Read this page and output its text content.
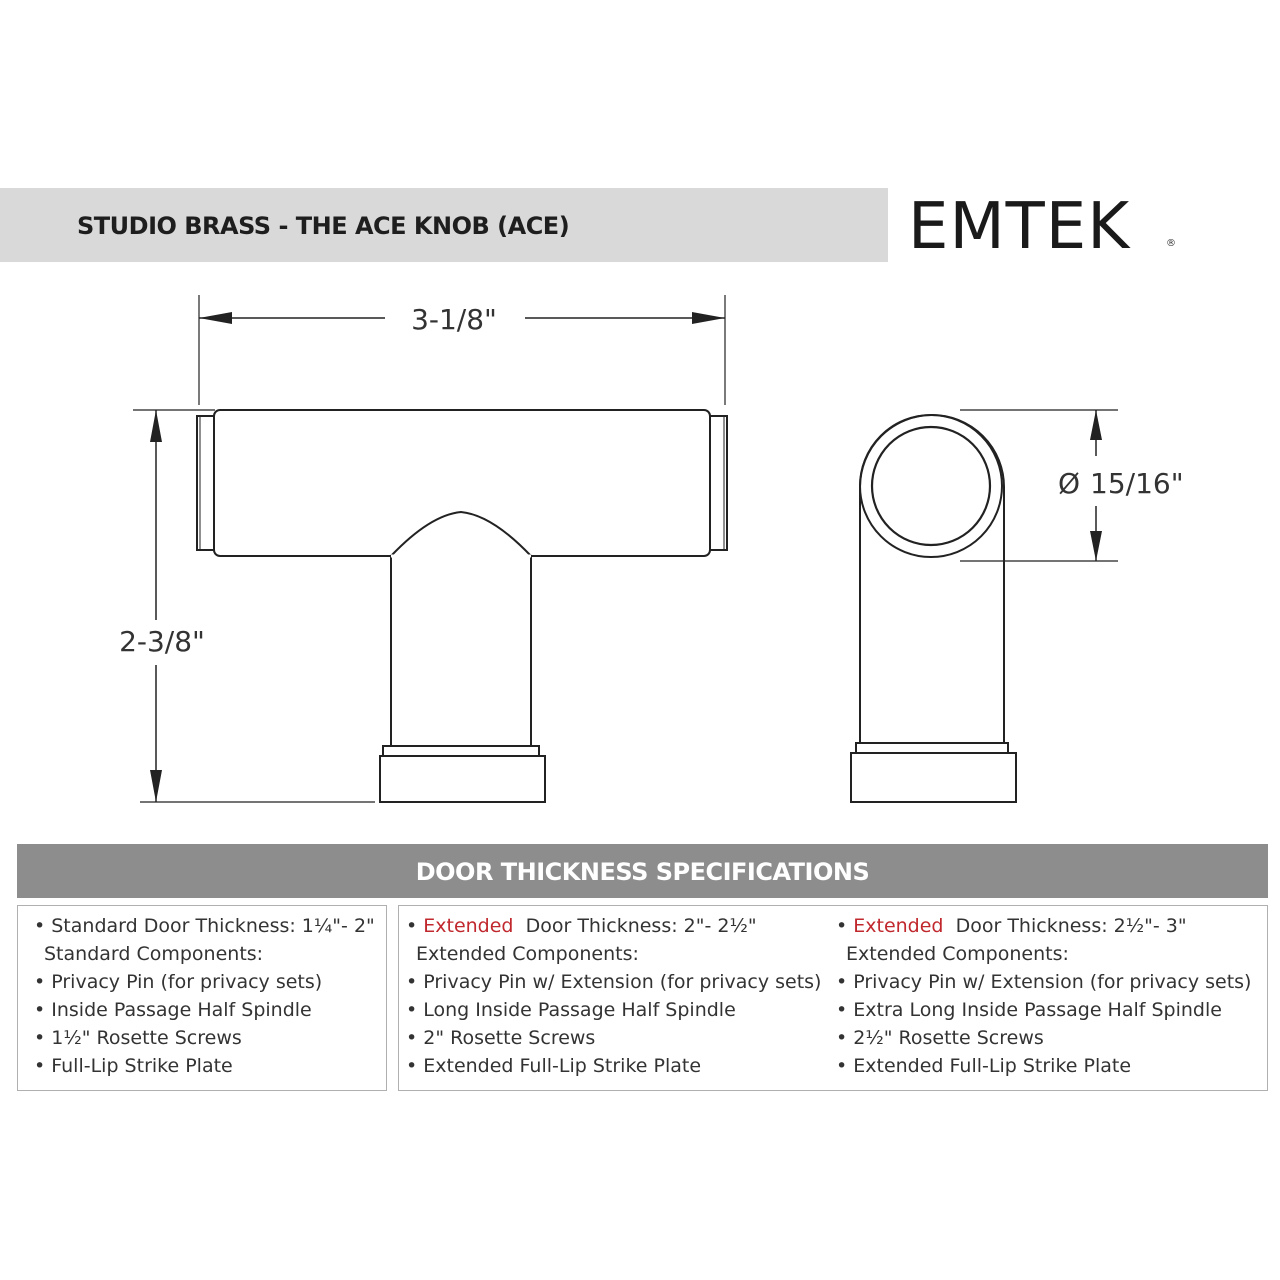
STUDIO BRASS - THE ACE KNOB (ACE)	EMTEK	®
3-1/8"
2-3/8"
Ø 15/16"
DOOR THICKNESS SPECIFICATIONS
• Standard Door Thickness: 1¼"- 2"
Standard Components:
• Privacy Pin (for privacy sets)
• Inside Passage Half Spindle
• 1½" Rosette Screws
• Full-Lip Strike Plate
• Extended Door Thickness: 2"- 2½"
Extended Components:
• Privacy Pin w/ Extension (for privacy sets)
• Long Inside Passage Half Spindle
• 2" Rosette Screws
• Extended Full-Lip Strike Plate
• Extended Door Thickness: 2½"- 3"
Extended Components:
• Privacy Pin w/ Extension (for privacy sets)
• Extra Long Inside Passage Half Spindle
• 2½" Rosette Screws
• Extended Full-Lip Strike Plate
